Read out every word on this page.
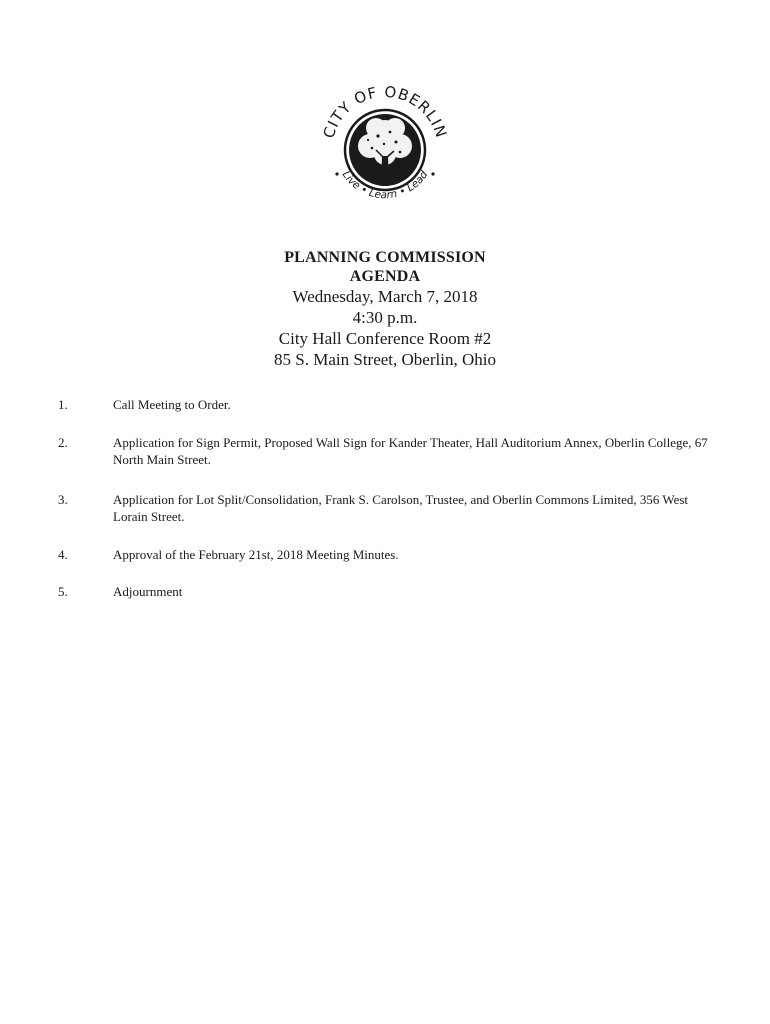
CITY OF OBERLIN
Live • Learn • Lead
PLANNING COMMISSION
AGENDA
Wednesday, March 7, 2018
4:30 p.m.
City Hall Conference Room #2
85 S. Main Street, Oberlin, Ohio
1.	Call Meeting to Order.
2.	Application for Sign Permit, Proposed Wall Sign for Kander Theater, Hall Auditorium Annex, Oberlin College, 67 North Main Street.
3.	Application for Lot Split/Consolidation, Frank S. Carolson, Trustee, and Oberlin Commons Limited, 356 West Lorain Street.
4.	Approval of the February 21st, 2018 Meeting Minutes.
5.	Adjournment
